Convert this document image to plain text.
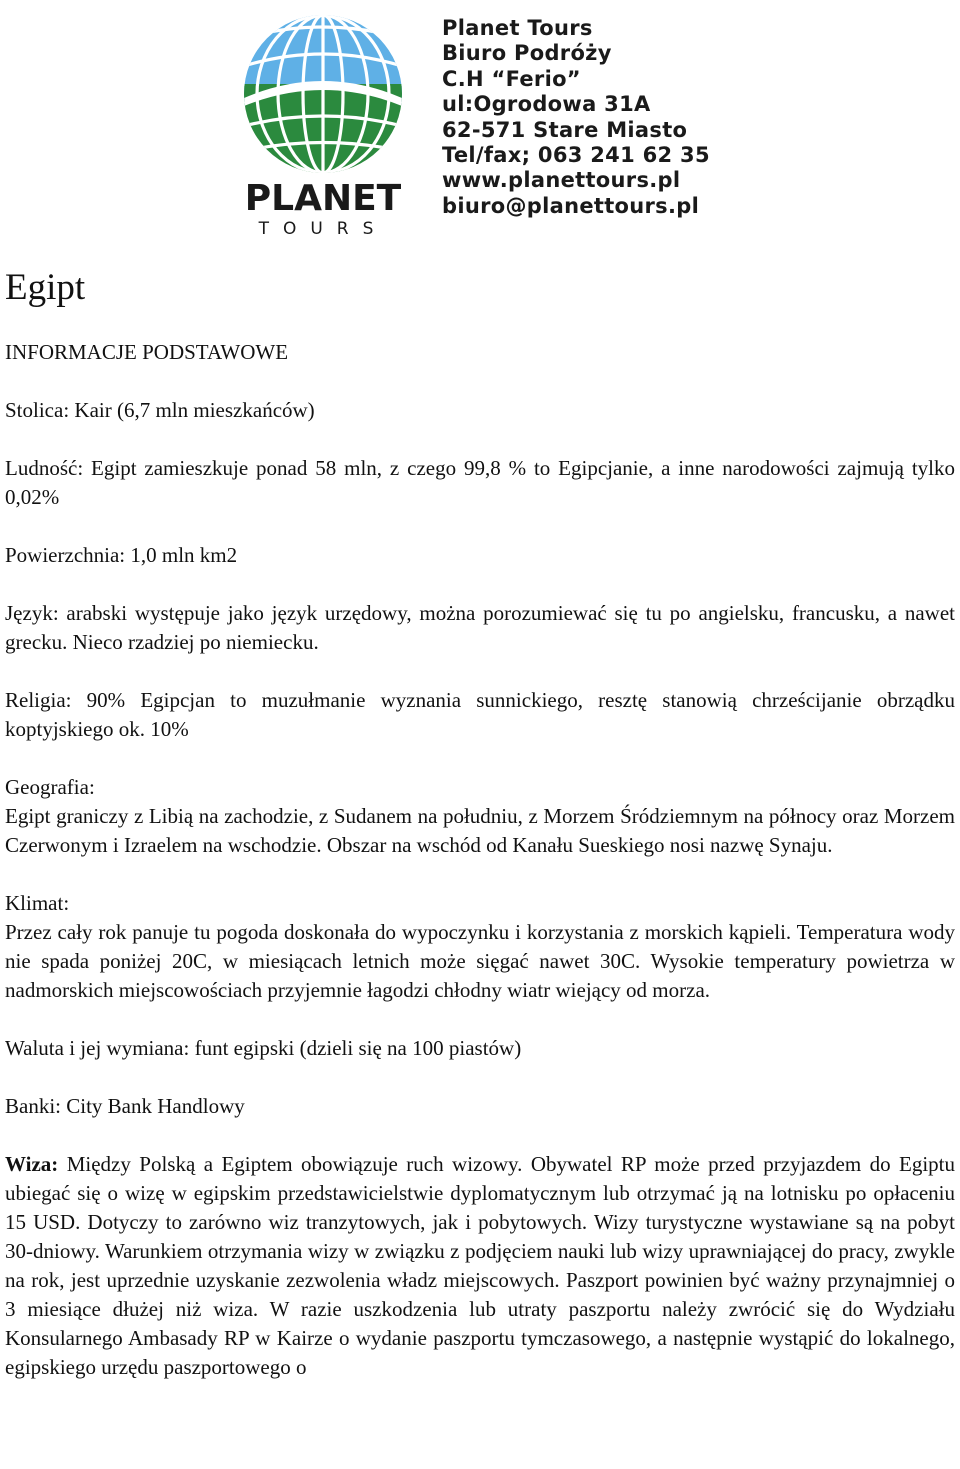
PLANET
TOURS
Planet Tours
Biuro Podróży
C.H “Ferio”
ul:Ogrodowa 31A
62-571 Stare Miasto
Tel/fax; 063 241 62 35
www.planettours.pl
biuro@planettours.pl
Egipt

INFORMACJE PODSTAWOWE

Stolica: Kair (6,7 mln mieszkańców)

Ludność: Egipt zamieszkuje ponad 58 mln, z czego 99,8 % to Egipcjanie, a inne narodowości zajmują tylko 0,02%

Powierzchnia: 1,0 mln km2

Język: arabski występuje jako język urzędowy, można porozumiewać się tu po angielsku, francusku, a nawet grecku. Nieco rzadziej po niemiecku.

Religia: 90% Egipcjan to muzułmanie wyznania sunnickiego, resztę stanowią chrześcijanie obrządku koptyjskiego ok. 10%

Geografia:

Egipt graniczy z Libią na zachodzie, z Sudanem na południu, z Morzem Śródziemnym na północy oraz Morzem Czerwonym i Izraelem na wschodzie. Obszar na wschód od Kanału Sueskiego nosi nazwę Synaju.

Klimat:

Przez cały rok panuje tu pogoda doskonała do wypoczynku i korzystania z morskich kąpieli. Temperatura wody nie spada poniżej 20C, w miesiącach letnich może sięgać nawet 30C. Wysokie temperatury powietrza w nadmorskich miejscowościach przyjemnie łagodzi chłodny wiatr wiejący od morza.

Waluta i jej wymiana: funt egipski (dzieli się na 100 piastów)

Banki: City Bank Handlowy

Wiza: Między Polską a Egiptem obowiązuje ruch wizowy. Obywatel RP może przed przyjazdem do Egiptu ubiegać się o wizę w egipskim przedstawicielstwie dyplomatycznym lub otrzymać ją na lotnisku po opłaceniu 15 USD. Dotyczy to zarówno wiz tranzytowych, jak i pobytowych. Wizy turystyczne wystawiane są na pobyt 30-dniowy. Warunkiem otrzymania wizy w związku z podjęciem nauki lub wizy uprawniającej do pracy, zwykle na rok, jest uprzednie uzyskanie zezwolenia władz miejscowych. Paszport powinien być ważny przynajmniej o 3 miesiące dłużej niż wiza. W razie uszkodzenia lub utraty paszportu należy zwrócić się do Wydziału Konsularnego Ambasady RP w Kairze o wydanie paszportu tymczasowego, a następnie wystąpić do lokalnego, egipskiego urzędu paszportowego o
